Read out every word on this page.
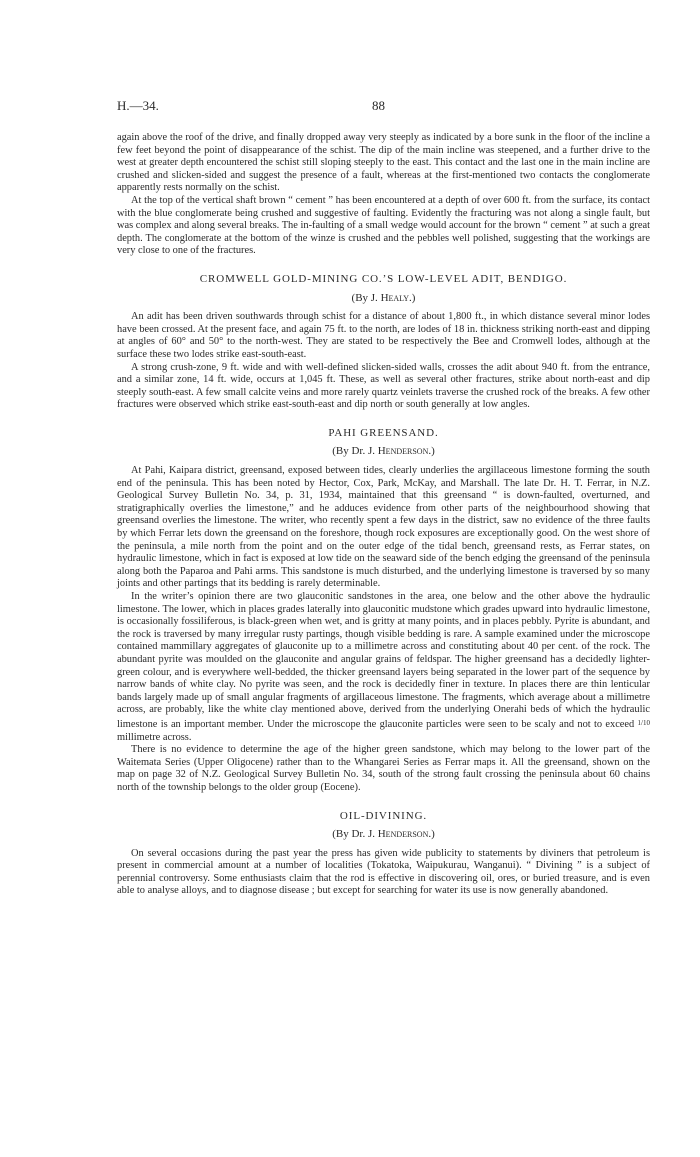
H.—34.	88

again above the roof of the drive, and finally dropped away very steeply as indicated by a bore sunk in the floor of the incline a few feet beyond the point of disappearance of the schist. The dip of the main incline was steepened, and a further drive to the west at greater depth encountered the schist still sloping steeply to the east. This contact and the last one in the main incline are crushed and slicken-sided and suggest the presence of a fault, whereas at the first-mentioned two contacts the conglomerate apparently rests normally on the schist.

At the top of the vertical shaft brown “ cement ” has been encountered at a depth of over 600 ft. from the surface, its contact with the blue conglomerate being crushed and suggestive of faulting. Evidently the fracturing was not along a single fault, but was complex and along several breaks. The in-faulting of a small wedge would account for the brown “ cement ” at such a great depth. The conglomerate at the bottom of the winze is crushed and the pebbles well polished, suggesting that the workings are very close to one of the fractures.

CROMWELL GOLD-MINING CO.’S LOW-LEVEL ADIT, BENDIGO.
(By J. Healy.)

An adit has been driven southwards through schist for a distance of about 1,800 ft., in which distance several minor lodes have been crossed. At the present face, and again 75 ft. to the north, are lodes of 18 in. thickness striking north-east and dipping at angles of 60° and 50° to the north-west. They are stated to be respectively the Bee and Cromwell lodes, although at the surface these two lodes strike east-south-east.

A strong crush-zone, 9 ft. wide and with well-defined slicken-sided walls, crosses the adit about 940 ft. from the entrance, and a similar zone, 14 ft. wide, occurs at 1,045 ft. These, as well as several other fractures, strike about north-east and dip steeply south-east. A few small calcite veins and more rarely quartz veinlets traverse the crushed rock of the breaks. A few other fractures were observed which strike east-south-east and dip north or south generally at low angles.

PAHI GREENSAND.
(By Dr. J. Henderson.)

At Pahi, Kaipara district, greensand, exposed between tides, clearly underlies the argillaceous limestone forming the south end of the peninsula. This has been noted by Hector, Cox, Park, McKay, and Marshall. The late Dr. H. T. Ferrar, in N.Z. Geological Survey Bulletin No. 34, p. 31, 1934, maintained that this greensand “ is down-faulted, overturned, and stratigraphically overlies the limestone,” and he adduces evidence from other parts of the neighbourhood showing that greensand overlies the limestone. The writer, who recently spent a few days in the district, saw no evidence of the three faults by which Ferrar lets down the greensand on the foreshore, though rock exposures are exceptionally good. On the west shore of the peninsula, a mile north from the point and on the outer edge of the tidal bench, greensand rests, as Ferrar states, on hydraulic limestone, which in fact is exposed at low tide on the seaward side of the bench edging the greensand of the peninsula along both the Paparoa and Pahi arms. This sandstone is much disturbed, and the underlying limestone is traversed by so many joints and other partings that its bedding is rarely determinable.

In the writer’s opinion there are two glauconitic sandstones in the area, one below and the other above the hydraulic limestone. The lower, which in places grades laterally into glauconitic mudstone which grades upward into hydraulic limestone, is occasionally fossiliferous, is black-green when wet, and is gritty at many points, and in places pebbly. Pyrite is abundant, and the rock is traversed by many irregular rusty partings, though visible bedding is rare. A sample examined under the microscope contained mammillary aggregates of glauconite up to a millimetre across and constituting about 40 per cent. of the rock. The abundant pyrite was moulded on the glauconite and angular grains of feldspar. The higher greensand has a decidedly lighter-green colour, and is everywhere well-bedded, the thicker greensand layers being separated in the lower part of the sequence by narrow bands of white clay. No pyrite was seen, and the rock is decidedly finer in texture. In places there are thin lenticular bands largely made up of small angular fragments of argillaceous limestone. The fragments, which average about a millimetre across, are probably, like the white clay mentioned above, derived from the underlying Onerahi beds of which the hydraulic limestone is an important member. Under the microscope the glauconite particles were seen to be scaly and not to exceed 1/10 millimetre across.

There is no evidence to determine the age of the higher green sandstone, which may belong to the lower part of the Waitemata Series (Upper Oligocene) rather than to the Whangarei Series as Ferrar maps it. All the greensand, shown on the map on page 32 of N.Z. Geological Survey Bulletin No. 34, south of the strong fault crossing the peninsula about 60 chains north of the township belongs to the older group (Eocene).

OIL-DIVINING.
(By Dr. J. Henderson.)

On several occasions during the past year the press has given wide publicity to statements by diviners that petroleum is present in commercial amount at a number of localities (Tokatoka, Waipukurau, Wanganui). “ Divining ” is a subject of perennial controversy. Some enthusiasts claim that the rod is effective in discovering oil, ores, or buried treasure, and is even able to analyse alloys, and to diagnose disease ; but except for searching for water its use is now generally abandoned.
